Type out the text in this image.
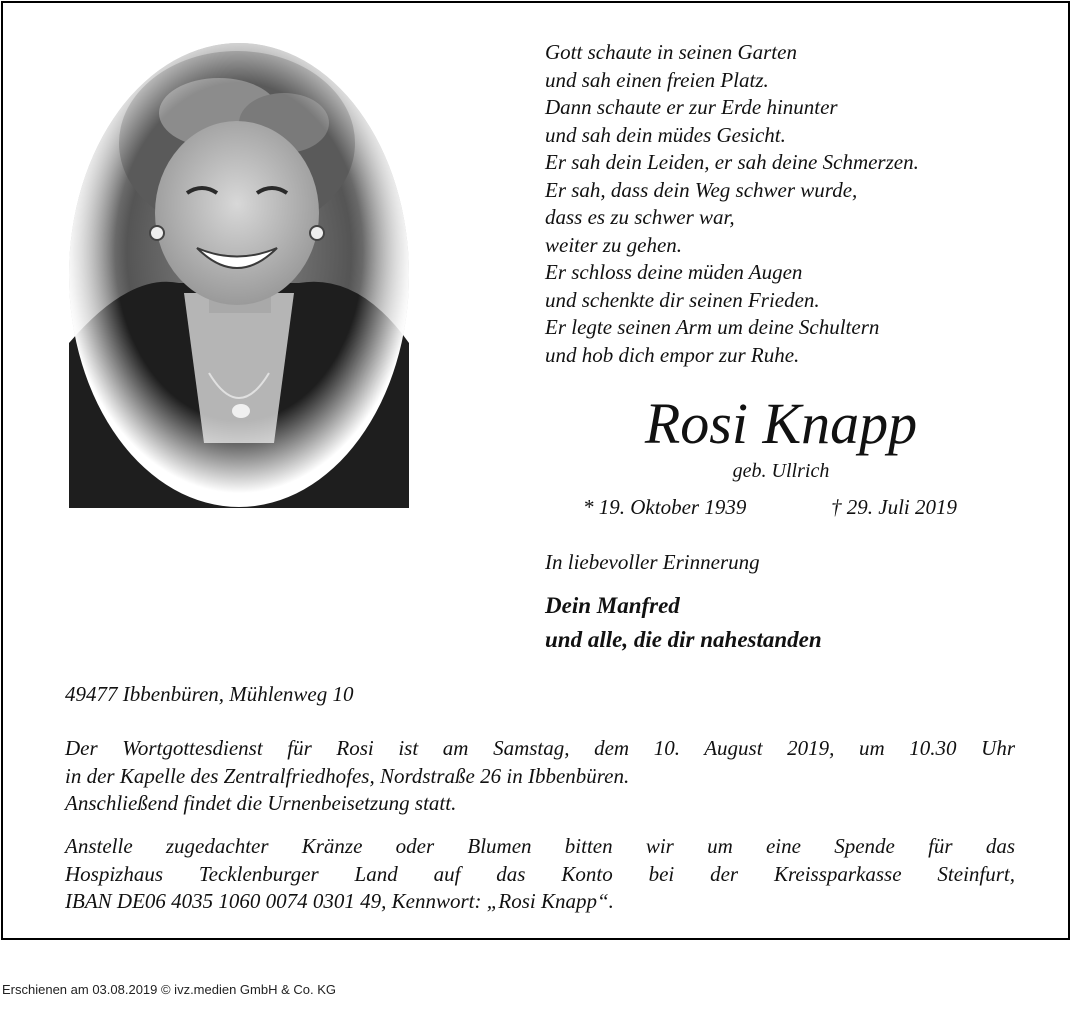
Gott schaute in seinen Garten
und sah einen freien Platz.
Dann schaute er zur Erde hinunter
und sah dein müdes Gesicht.
Er sah dein Leiden, er sah deine Schmerzen.
Er sah, dass dein Weg schwer wurde,
dass es zu schwer war,
weiter zu gehen.
Er schloss deine müden Augen
und schenkte dir seinen Frieden.
Er legte seinen Arm um deine Schultern
und hob dich empor zur Ruhe.
Rosi Knapp
geb. Ullrich
* 19. Oktober 1939	† 29. Juli 2019
In liebevoller Erinnerung
Dein Manfred
und alle, die dir nahestanden
49477 Ibbenbüren, Mühlenweg 10
Der Wortgottesdienst für Rosi ist am Samstag, dem 10. August 2019, um 10.30 Uhr
in der Kapelle des Zentralfriedhofes, Nordstraße 26 in Ibbenbüren.
Anschließend findet die Urnenbeisetzung statt.
Anstelle zugedachter Kränze oder Blumen bitten wir um eine Spende für das
Hospizhaus Tecklenburger Land auf das Konto bei der Kreissparkasse Steinfurt,
IBAN DE06 4035 1060 0074 0301 49, Kennwort: „Rosi Knapp“.
Erschienen am 03.08.2019 © ivz.medien GmbH & Co. KG
